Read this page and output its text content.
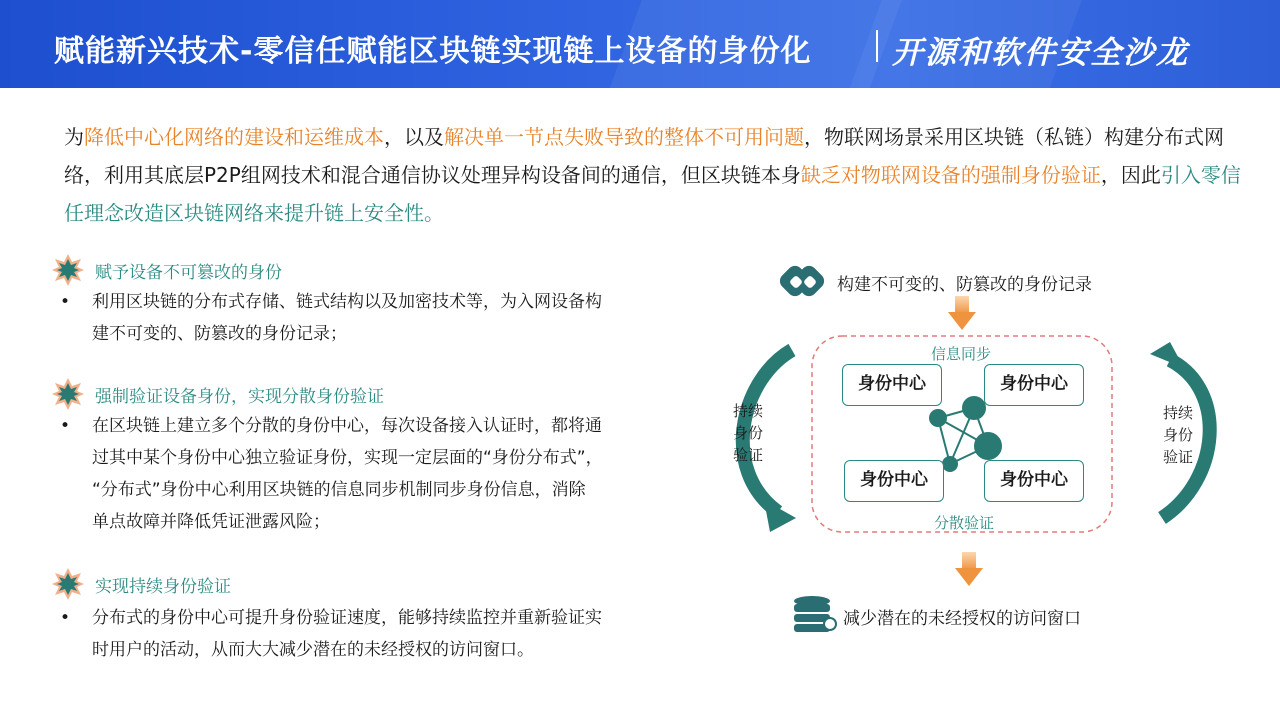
赋能新兴技术-零信任赋能区块链实现链上设备的身份化	开源和软件安全沙龙
为降低中心化网络的建设和运维成本，以及解决单一节点失败导致的整体不可用问题，物联网场景采用区块链（私链）构建分布式网络，利用其底层P2P组网技术和混合通信协议处理异构设备间的通信，但区块链本身缺乏对物联网设备的强制身份验证，因此引入零信任理念改造区块链网络来提升链上安全性。
赋予设备不可篡改的身份
• 利用区块链的分布式存储、链式结构以及加密技术等，为入网设备构
建不可变的、防篡改的身份记录；
强制验证设备身份，实现分散身份验证
• 在区块链上建立多个分散的身份中心，每次设备接入认证时，都将通
过其中某个身份中心独立验证身份，实现一定层面的“身份分布式”，
“分布式”身份中心利用区块链的信息同步机制同步身份信息，消除
单点故障并降低凭证泄露风险；
实现持续身份验证
• 分布式的身份中心可提升身份验证速度，能够持续监控并重新验证实
时用户的活动，从而大大减少潜在的未经授权的访问窗口。
构建不可变的、防篡改的身份记录
信息同步
身份中心	身份中心
身份中心	身份中心
分散验证
持续
身份
验证
持续
身份
验证
减少潜在的未经授权的访问窗口
